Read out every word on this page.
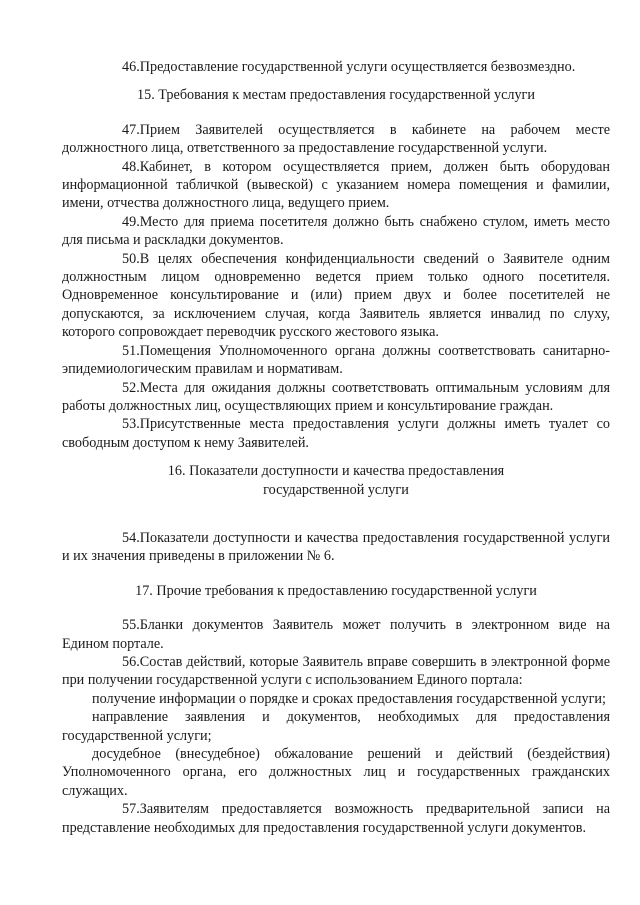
46.Предоставление государственной услуги осуществляется безвозмездно.

15. Требования к местам предоставления государственной услуги

47.Прием Заявителей осуществляется в кабинете на рабочем месте должностного лица, ответственного за предоставление государственной услуги.

48.Кабинет, в котором осуществляется прием, должен быть оборудован информационной табличкой (вывеской) с указанием номера помещения и фамилии, имени, отчества должностного лица, ведущего прием.

49.Место для приема посетителя должно быть снабжено стулом, иметь место для письма и раскладки документов.

50.В целях обеспечения конфиденциальности сведений о Заявителе одним должностным лицом одновременно ведется прием только одного посетителя. Одновременное консультирование и (или) прием двух и более посетителей не допускаются, за исключением случая, когда Заявитель является инвалид по слуху, которого сопровождает переводчик русского жестового языка.

51.Помещения Уполномоченного органа должны соответствовать санитарно-эпидемиологическим правилам и нормативам.

52.Места для ожидания должны соответствовать оптимальным условиям для работы должностных лиц, осуществляющих прием и консультирование граждан.

53.Присутственные места предоставления услуги должны иметь туалет со свободным доступом к нему Заявителей.

16. Показатели доступности и качества предоставления

государственной услуги

54.Показатели доступности и качества предоставления государственной услуги и их значения приведены в приложении № 6.

17. Прочие требования к предоставлению государственной услуги

55.Бланки документов Заявитель может получить в электронном виде на Едином портале.

56.Состав действий, которые Заявитель вправе совершить в электронной форме при получении государственной услуги с использованием Единого портала:

получение информации о порядке и сроках предоставления государственной услуги;

направление заявления и документов, необходимых для предоставления государственной услуги;

досудебное (внесудебное) обжалование решений и действий (бездействия) Уполномоченного органа, его должностных лиц и государственных гражданских служащих.

57.Заявителям предоставляется возможность предварительной записи на представление необходимых для предоставления государственной услуги документов.
